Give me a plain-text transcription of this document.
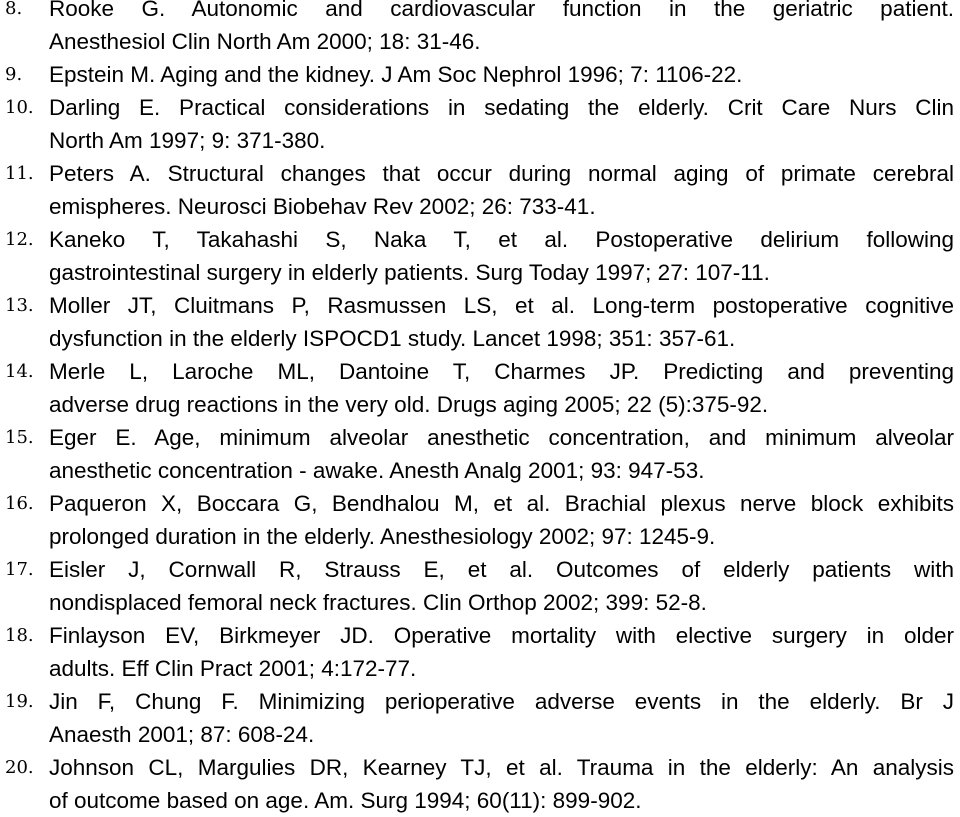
8. Rooke G. Autonomic and cardiovascular function in the geriatric patient.
Anesthesiol Clin North Am 2000; 18: 31-46.
9. Epstein M. Aging and the kidney. J Am Soc Nephrol 1996; 7: 1106-22.
10. Darling E. Practical considerations in sedating the elderly. Crit Care Nurs Clin
North Am 1997; 9: 371-380.
11. Peters A. Structural changes that occur during normal aging of primate cerebral
emispheres. Neurosci Biobehav Rev 2002; 26: 733-41.
12. Kaneko T, Takahashi S, Naka T, et al. Postoperative delirium following
gastrointestinal surgery in elderly patients. Surg Today 1997; 27: 107-11.
13. Moller JT, Cluitmans P, Rasmussen LS, et al. Long-term postoperative cognitive
dysfunction in the elderly ISPOCD1 study. Lancet 1998; 351: 357-61.
14. Merle L, Laroche ML, Dantoine T, Charmes JP. Predicting and preventing
adverse drug reactions in the very old. Drugs aging 2005; 22 (5):375-92.
15. Eger E. Age, minimum alveolar anesthetic concentration, and minimum alveolar
anesthetic concentration - awake. Anesth Analg 2001; 93: 947-53.
16. Paqueron X, Boccara G, Bendhalou M, et al. Brachial plexus nerve block exhibits
prolonged duration in the elderly. Anesthesiology 2002; 97: 1245-9.
17. Eisler J, Cornwall R, Strauss E, et al. Outcomes of elderly patients with
nondisplaced femoral neck fractures. Clin Orthop 2002; 399: 52-8.
18. Finlayson EV, Birkmeyer JD. Operative mortality with elective surgery in older
adults. Eff Clin Pract 2001; 4:172-77.
19. Jin F, Chung F. Minimizing perioperative adverse events in the elderly. Br J
Anaesth 2001; 87: 608-24.
20. Johnson CL, Margulies DR, Kearney TJ, et al. Trauma in the elderly: An analysis
of outcome based on age. Am. Surg 1994; 60(11): 899-902.
